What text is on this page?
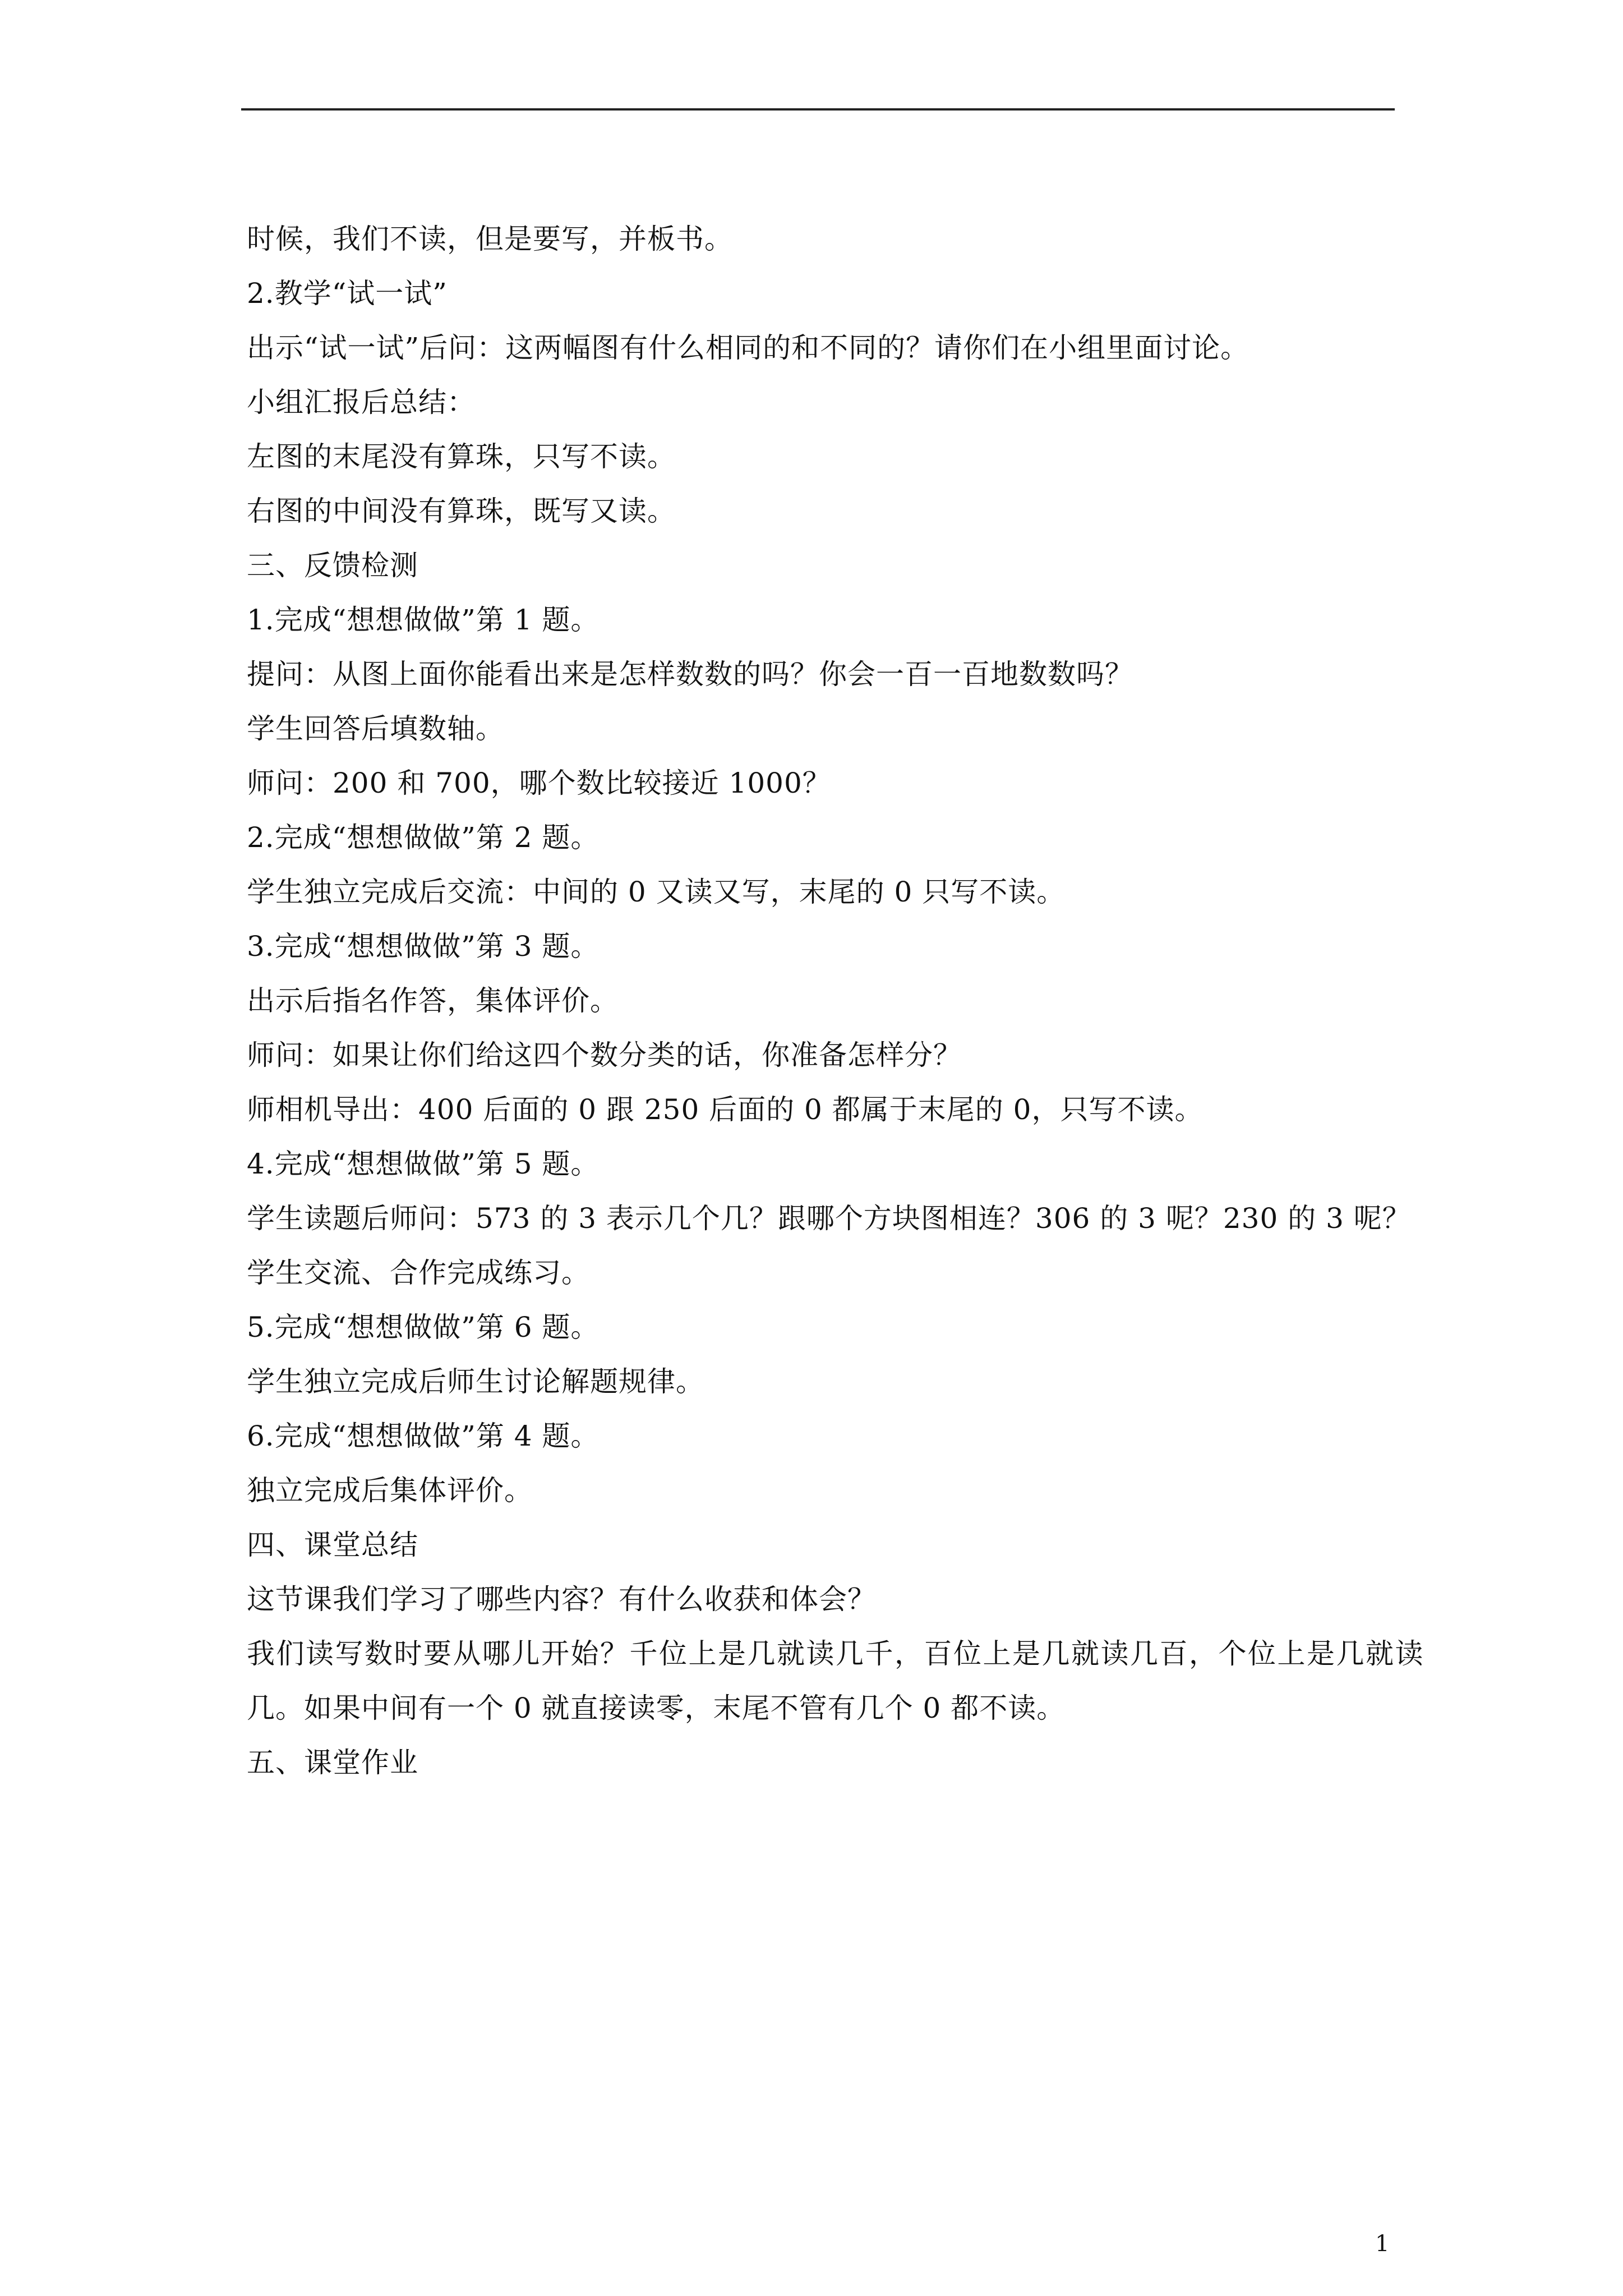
时候，我们不读，但是要写，并板书。
2.教学“试一试”
出示“试一试”后问：这两幅图有什么相同的和不同的？请你们在小组里面讨论。
小组汇报后总结：
左图的末尾没有算珠，只写不读。
右图的中间没有算珠，既写又读。
三、反馈检测
1.完成“想想做做”第 1 题。
提问：从图上面你能看出来是怎样数数的吗？你会一百一百地数数吗？
学生回答后填数轴。
师问：200 和 700，哪个数比较接近 1000？
2.完成“想想做做”第 2 题。
学生独立完成后交流：中间的 0 又读又写，末尾的 0 只写不读。
3.完成“想想做做”第 3 题。
出示后指名作答，集体评价。
师问：如果让你们给这四个数分类的话，你准备怎样分？
师相机导出：400 后面的 0 跟 250 后面的 0 都属于末尾的 0，只写不读。
4.完成“想想做做”第 5 题。
学生读题后师问：573 的 3 表示几个几？跟哪个方块图相连？306 的 3 呢？230 的 3 呢？
学生交流、合作完成练习。
5.完成“想想做做”第 6 题。
学生独立完成后师生讨论解题规律。
6.完成“想想做做”第 4 题。
独立完成后集体评价。
四、课堂总结
这节课我们学习了哪些内容？有什么收获和体会？
我们读写数时要从哪儿开始？千位上是几就读几千，百位上是几就读几百，个位上是几就读
几。如果中间有一个 0 就直接读零，末尾不管有几个 0 都不读。
五、课堂作业
1
